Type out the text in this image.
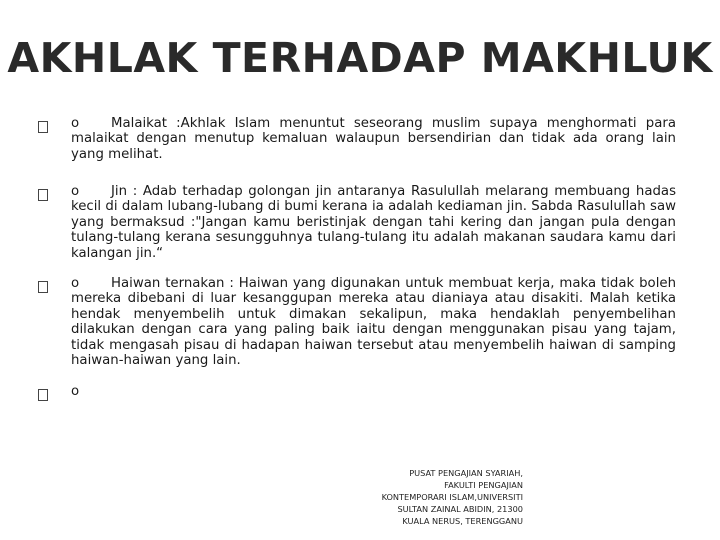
AKHLAK TERHADAP MAKHLUK
o Malaikat :Akhlak Islam menuntut seseorang muslim supaya menghormati para malaikat dengan menutup kemaluan walaupun bersendirian dan tidak ada orang lain yang melihat.
o Jin : Adab terhadap golongan jin antaranya Rasulullah melarang membuang hadas kecil di dalam lubang-lubang di bumi kerana ia adalah kediaman jin. Sabda Rasulullah saw yang bermaksud :"Jangan kamu beristinjak dengan tahi kering dan jangan pula dengan tulang-tulang kerana sesungguhnya tulang-tulang itu adalah makanan saudara kamu dari kalangan jin.“
o Haiwan ternakan : Haiwan yang digunakan untuk membuat kerja, maka tidak boleh mereka dibebani di luar kesanggupan mereka atau dianiaya atau disakiti. Malah ketika hendak menyembelih untuk dimakan sekalipun, maka hendaklah penyembelihan dilakukan dengan cara yang paling baik iaitu dengan menggunakan pisau yang tajam, tidak mengasah pisau di hadapan haiwan tersebut atau menyembelih haiwan di samping haiwan-haiwan yang lain.
o
PUSAT PENGAJIAN SYARIAH,
FAKULTI PENGAJIAN
KONTEMPORARI ISLAM,UNIVERSITI
SULTAN ZAINAL ABIDIN, 21300
KUALA NERUS, TERENGGANU
